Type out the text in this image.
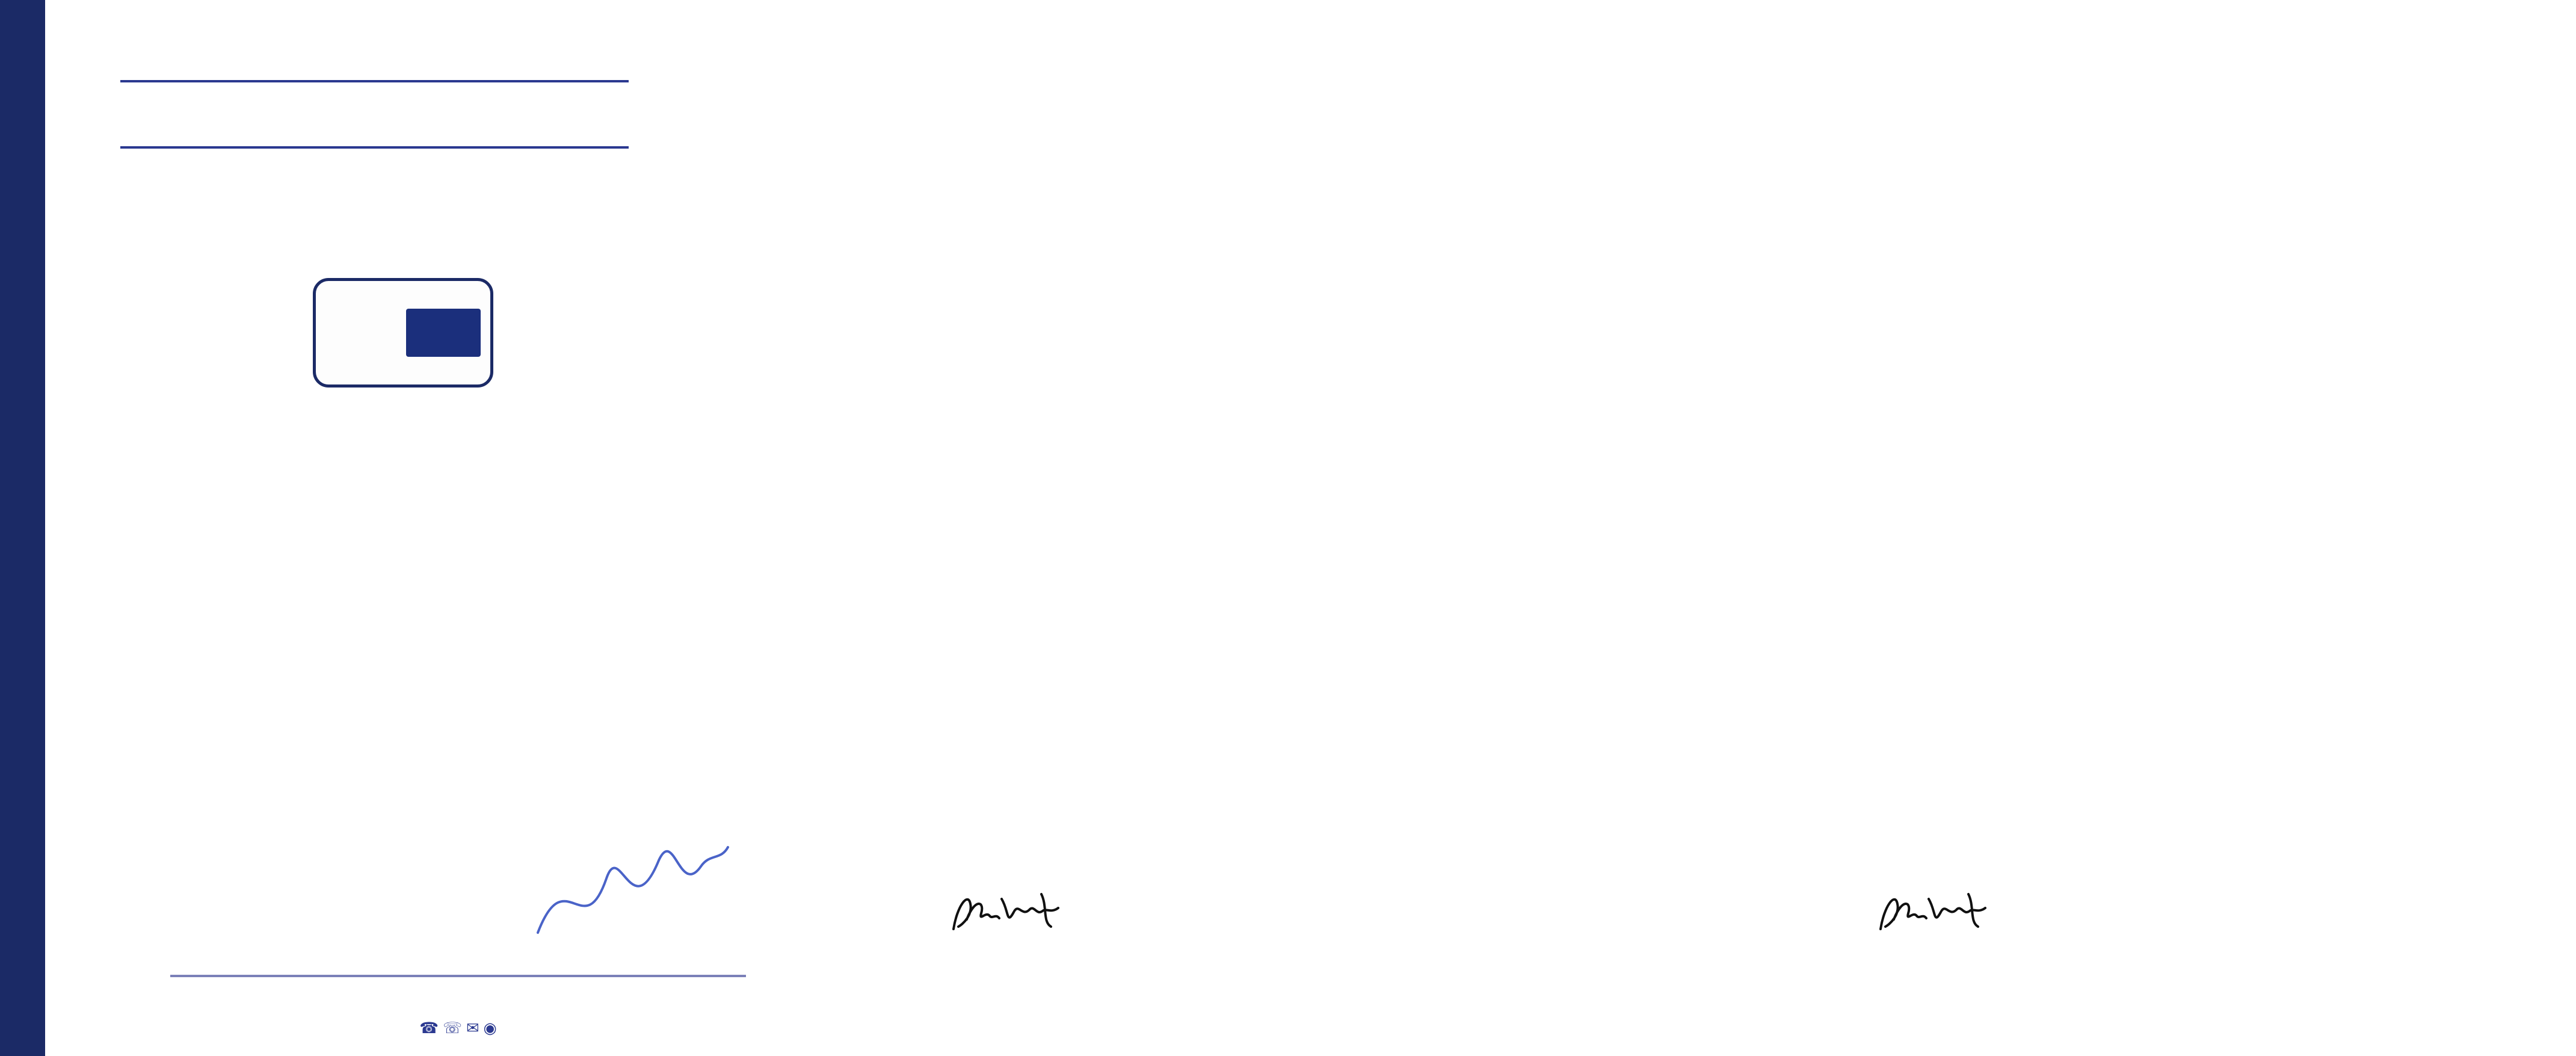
☎ ☏ ✉ ◉
